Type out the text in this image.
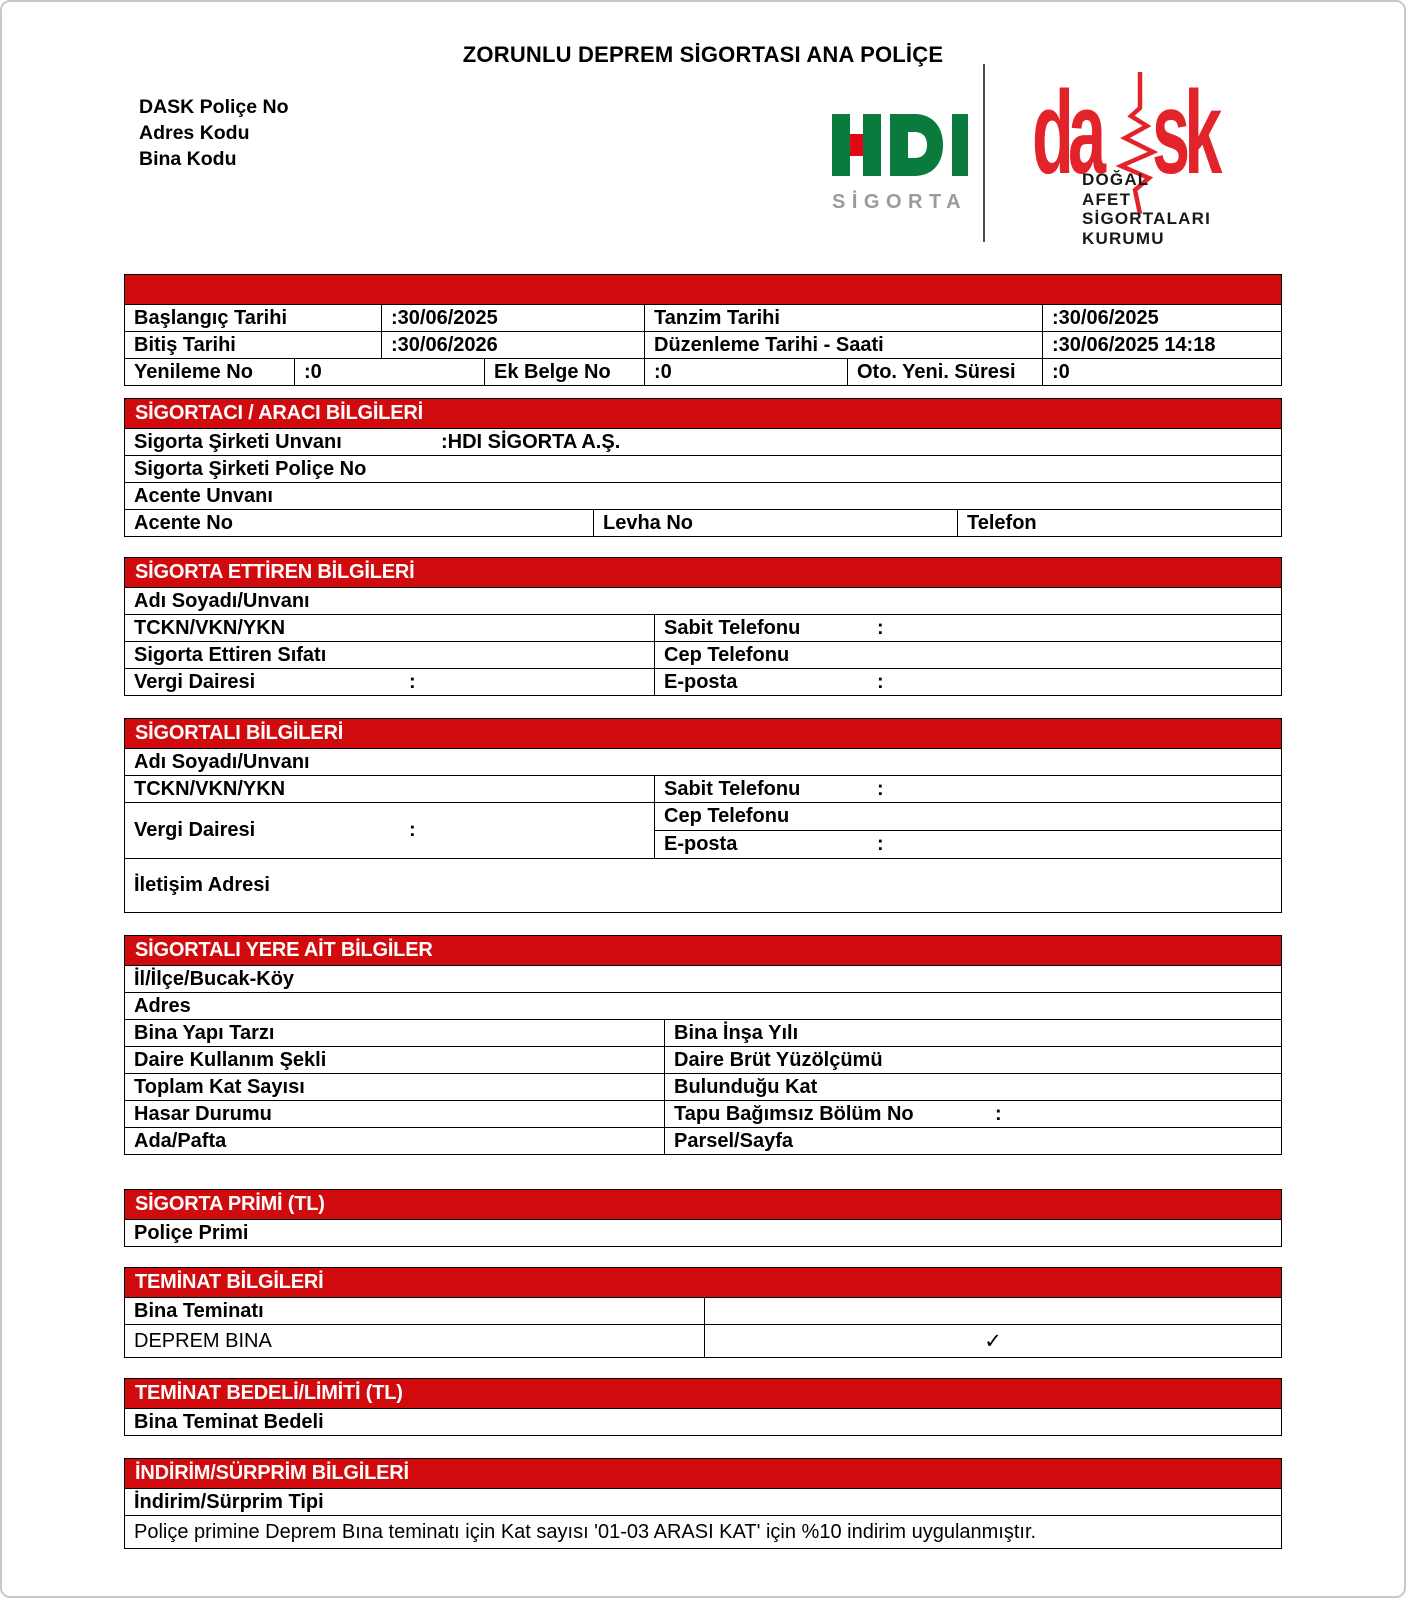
ZORUNLU DEPREM SİGORTASI ANA POLİÇE
DASK Poliçe No
Adres Kodu
Bina Kodu
SİGORTA
da sk
DOĞAL
AFET
SİGORTALARI
KURUMU
Başlangıç Tarihi	:30/06/2025	Tanzim Tarihi	:30/06/2025
Bitiş Tarihi	:30/06/2026	Düzenleme Tarihi - Saati	:30/06/2025 14:18
Yenileme No	:0	Ek Belge No	:0	Oto. Yeni. Süresi	:0
SİGORTACI / ARACI BİLGİLERİ
Sigorta Şirketi Unvanı	:HDI SİGORTA A.Ş.
Sigorta Şirketi Poliçe No
Acente Unvanı
Acente No	Levha No	Telefon
SİGORTA ETTİREN BİLGİLERİ
Adı Soyadı/Unvanı
TCKN/VKN/YKN	Sabit Telefonu	:
Sigorta Ettiren Sıfatı	Cep Telefonu
Vergi Dairesi	:	E-posta	:
SİGORTALI BİLGİLERİ
Adı Soyadı/Unvanı
TCKN/VKN/YKN	Sabit Telefonu	:
Vergi Dairesi	:
Cep Telefonu
E-posta	:
İletişim Adresi
SİGORTALI YERE AİT BİLGİLER
İl/İlçe/Bucak-Köy
Adres
Bina Yapı Tarzı	Bina İnşa Yılı
Daire Kullanım Şekli	Daire Brüt Yüzölçümü
Toplam Kat Sayısı	Bulunduğu Kat
Hasar Durumu	Tapu Bağımsız Bölüm No	:
Ada/Pafta	Parsel/Sayfa
SİGORTA PRİMİ (TL)
Poliçe Primi
TEMİNAT BİLGİLERİ
Bina Teminatı
DEPREM BINA	✓
TEMİNAT BEDELİ/LİMİTİ (TL)
Bina Teminat Bedeli
İNDİRİM/SÜRPRİM BİLGİLERİ
İndirim/Sürprim Tipi
Poliçe primine Deprem Bına teminatı için Kat sayısı '01-03 ARASI KAT' için %10 indirim uygulanmıştır.
